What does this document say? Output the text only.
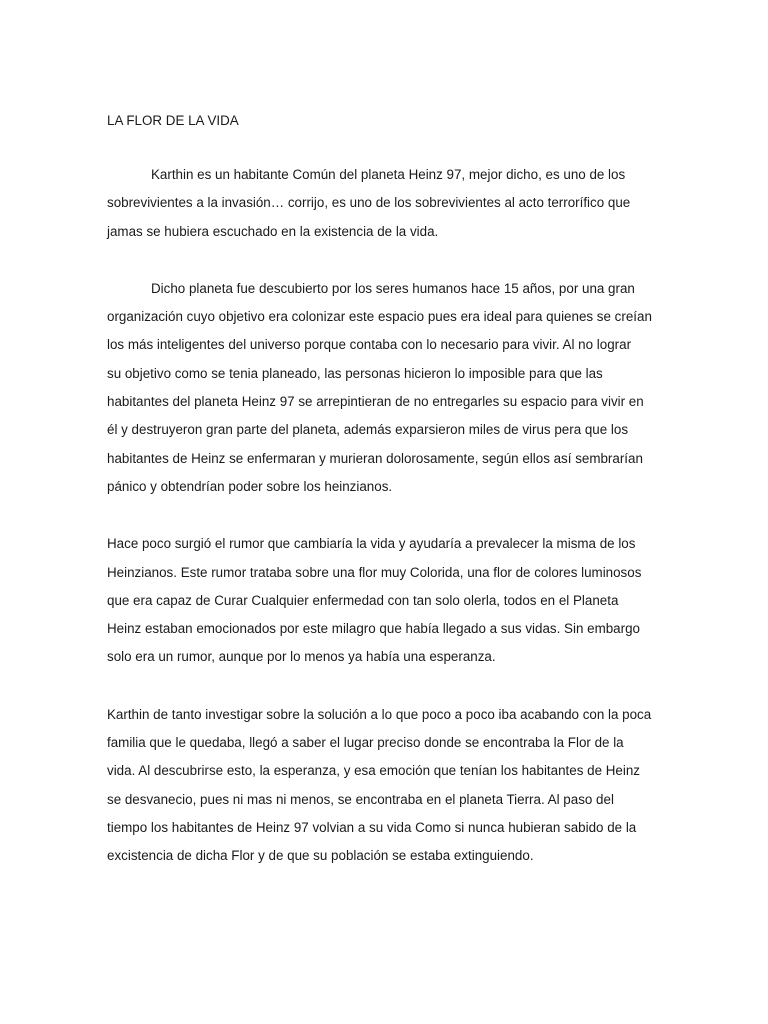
LA FLOR DE LA VIDA

Karthin es un habitante Común del planeta Heinz 97, mejor dicho, es uno de los
sobrevivientes a la invasión… corrijo, es uno de los sobrevivientes al acto terrorífico que
jamas se hubiera escuchado en la existencia de la vida.

Dicho planeta fue descubierto por los seres humanos hace 15 años, por una gran
organización cuyo objetivo era colonizar este espacio pues era ideal para quienes se creían
los más inteligentes del universo porque contaba con lo necesario para vivir. Al no lograr
su objetivo como se tenia planeado, las personas hicieron lo imposible para que las
habitantes del planeta Heinz 97 se arrepintieran de no entregarles su espacio para vivir en
él y destruyeron gran parte del planeta, además exparsieron miles de virus pera que los
habitantes de Heinz se enfermaran y murieran dolorosamente, según ellos así sembrarían
pánico y obtendrían poder sobre los heinzianos.

Hace poco surgió el rumor que cambiaría la vida y ayudaría a prevalecer la misma de los
Heinzianos. Este rumor trataba sobre una flor muy Colorida, una flor de colores luminosos
que era capaz de Curar Cualquier enfermedad con tan solo olerla, todos en el Planeta
Heinz estaban emocionados por este milagro que había llegado a sus vidas. Sin embargo
solo era un rumor, aunque por lo menos ya había una esperanza.

Karthin de tanto investigar sobre la solución a lo que poco a poco iba acabando con la poca
familia que le quedaba, llegó a saber el lugar preciso donde se encontraba la Flor de la
vida. Al descubrirse esto, la esperanza, y esa emoción que tenían los habitantes de Heinz
se desvanecio, pues ni mas ni menos, se encontraba en el planeta Tierra. Al paso del
tiempo los habitantes de Heinz 97 volvian a su vida Como si nunca hubieran sabido de la
excistencia de dicha Flor y de que su población se estaba extinguiendo.
